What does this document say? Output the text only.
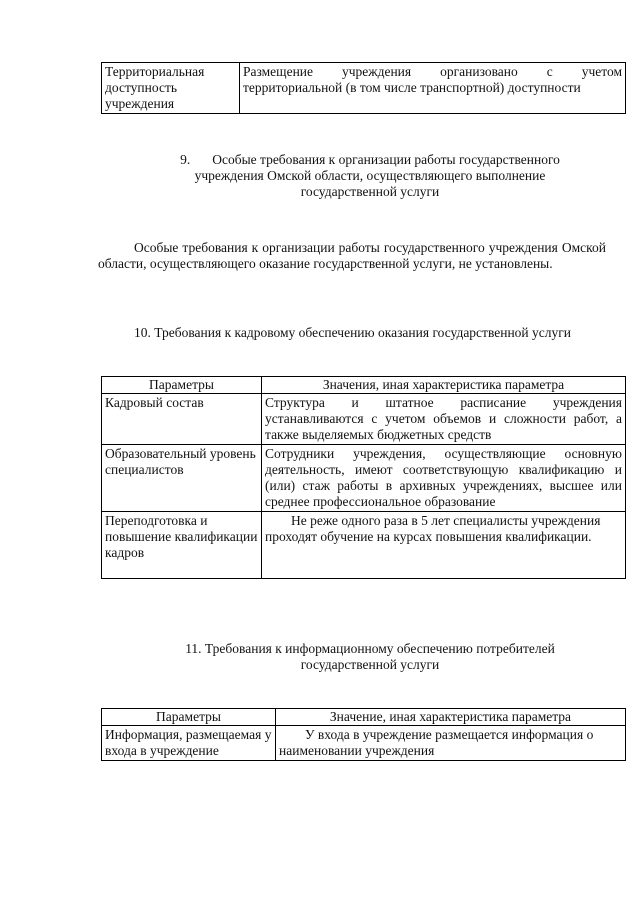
Территориальная доступность учреждения	Размещение учреждения организовано с учетом территориальной (в том числе транспортной) доступности
9. Особые требования к организации работы государственного учреждения Омской области, осуществляющего выполнение государственной услуги
Особые требования к организации работы государственного учреждения Омской области, осуществляющего оказание государственной услуги, не установлены.
10. Требования к кадровому обеспечению оказания государственной услуги
Параметры	Значения, иная характеристика параметра
Кадровый состав	Структура и штатное расписание учреждения устанавливаются с учетом объемов и сложности работ, а также выделяемых бюджетных средств
Образовательный уровень специалистов	Сотрудники учреждения, осуществляющие основную деятельность, имеют соответствующую квалификацию и (или) стаж работы в архивных учреждениях, высшее или среднее профессиональное образование
Переподготовка и повышение квалификации кадров	Не реже одного раза в 5 лет специалисты учреждения проходят обучение на курсах повышения квалификации.
11. Требования к информационному обеспечению потребителей государственной услуги
Параметры	Значение, иная характеристика параметра
Информация, размещаемая у входа в учреждение	У входа в учреждение размещается информация о наименовании учреждения
